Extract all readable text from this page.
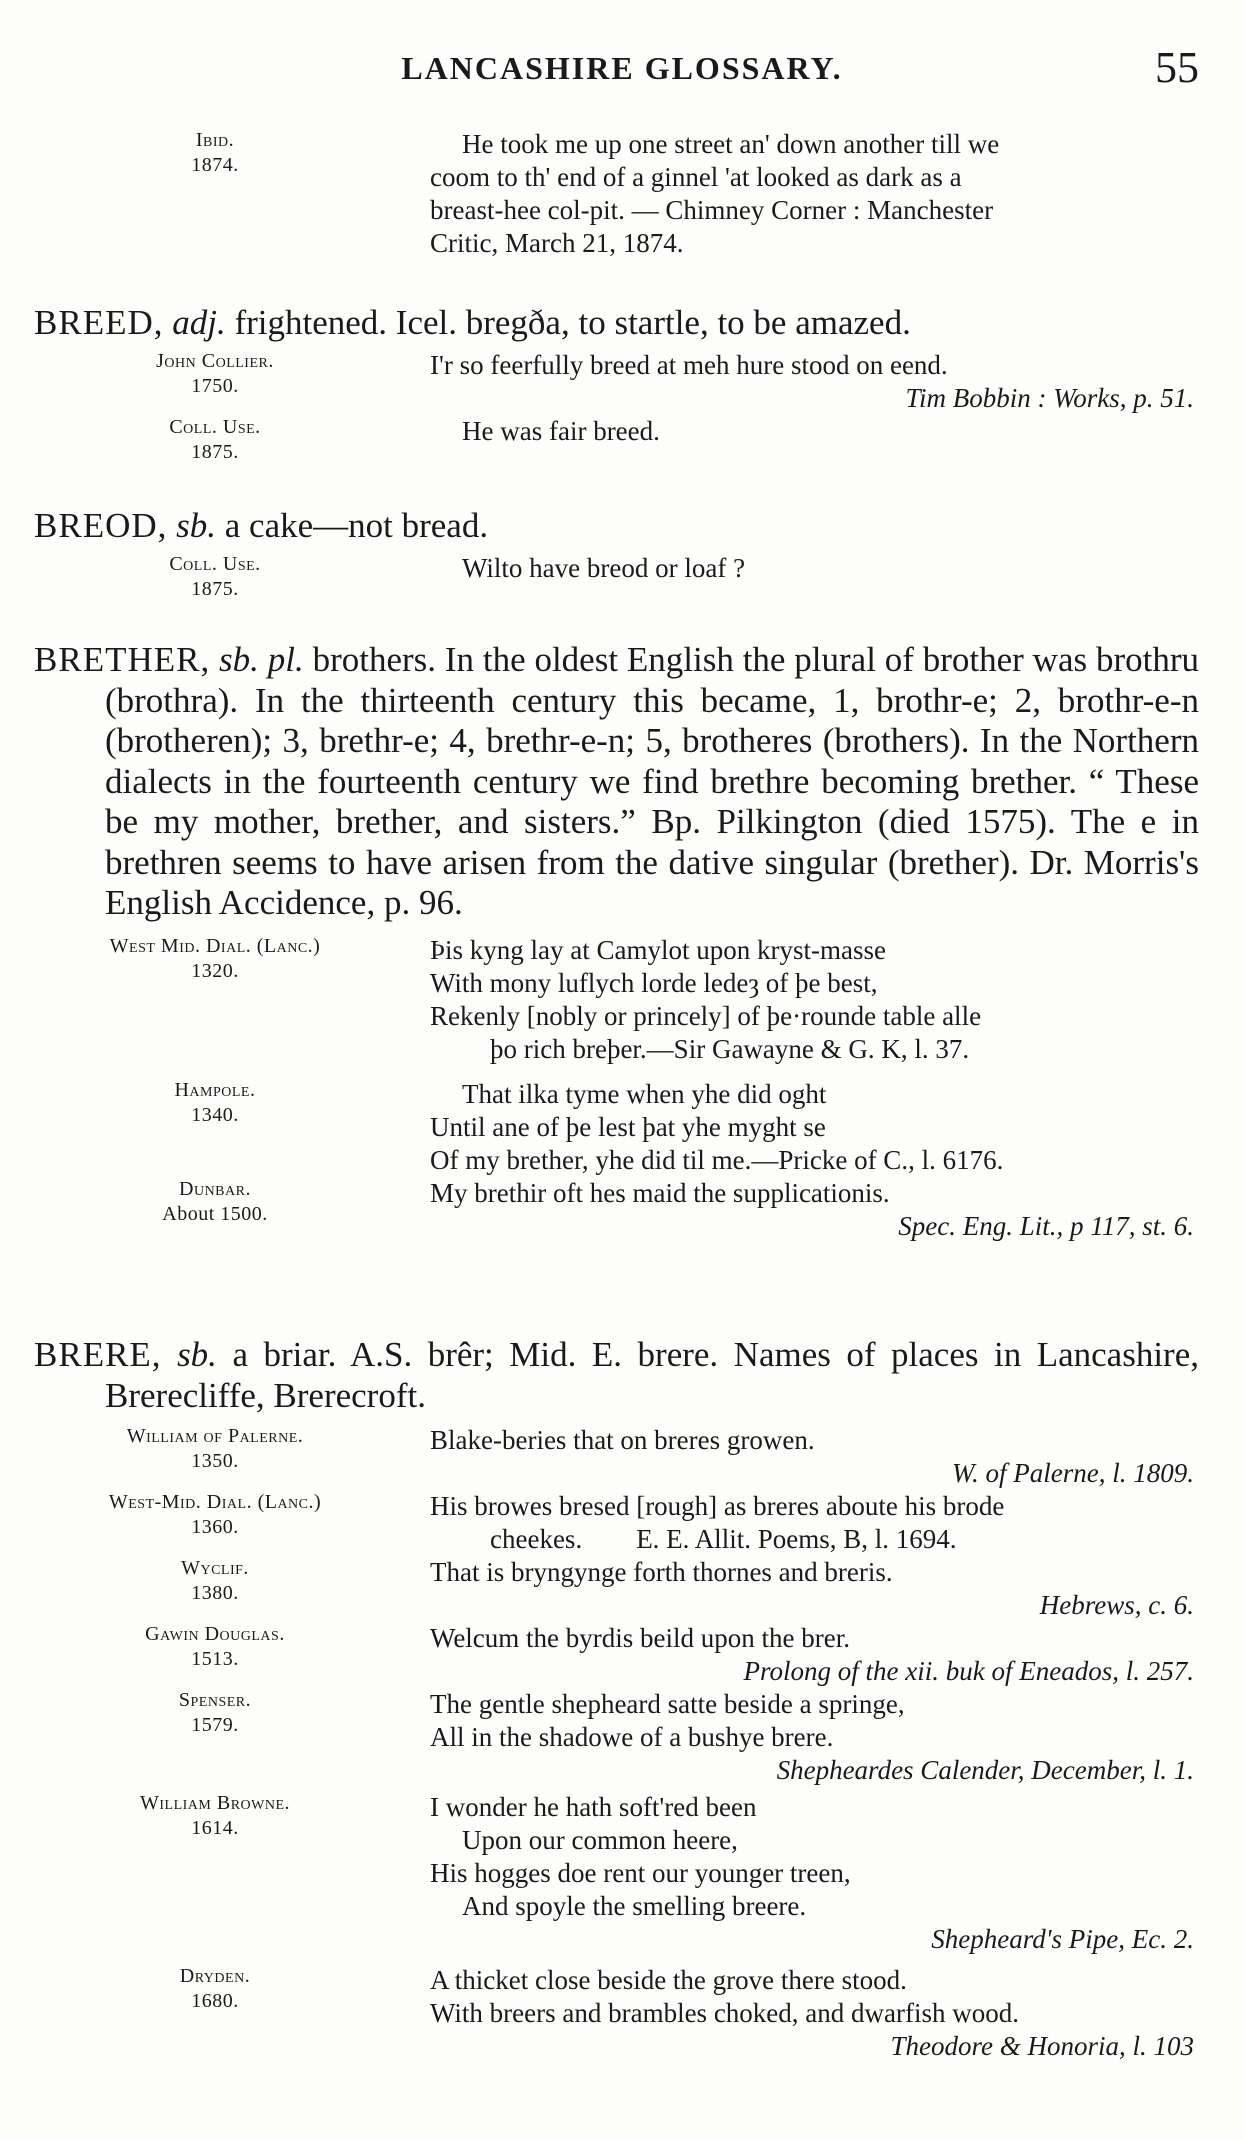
LANCASHIRE GLOSSARY.	55
Ibid.
1874.
He took me up one street an' down another till we
coom to th' end of a ginnel 'at looked as dark as a
breast-hee col-pit. — Chimney Corner : Manchester
Critic, March 21, 1874.
BREED, adj. frightened. Icel. bregða, to startle, to be amazed.
John Collier.
1750.
I'r so feerfully breed at meh hure stood on eend.
Tim Bobbin : Works, p. 51.
Coll. Use.
1875.
He was fair breed.
BREOD, sb. a cake—not bread.
Coll. Use.
1875.
Wilto have breod or loaf ?
BRETHER, sb. pl. brothers. In the oldest English the plural of brother was brothru (brothra). In the thirteenth century this became, 1, brothr-e; 2, brothr-e-n (brotheren); 3, brethr-e; 4, brethr-e-n; 5, brotheres (brothers). In the Northern dialects in the fourteenth century we find brethre becoming brether. “ These be my mother, brether, and sisters.” Bp. Pilkington (died 1575). The e in brethren seems to have arisen from the dative singular (brether). Dr. Morris's English Accidence, p. 96.
West Mid. Dial. (Lanc.)
1320.
Þis kyng lay at Camylot upon kryst-masse
With mony luflych lorde ledeȝ of þe best,
Rekenly [nobly or princely] of þe·rounde table alle
þo rich breþer.—Sir Gawayne & G. K, l. 37.
Hampole.
1340.
That ilka tyme when yhe did oght
Until ane of þe lest þat yhe myght se
Of my brether, yhe did til me.—Pricke of C., l. 6176.
Dunbar.
About 1500.
My brethir oft hes maid the supplicationis.
Spec. Eng. Lit., p 117, st. 6.
BRERE, sb. a briar. A.S. brêr; Mid. E. brere. Names of places in Lancashire, Brerecliffe, Brerecroft.
William of Palerne.
1350.
Blake-beries that on breres growen.
W. of Palerne, l. 1809.
West-Mid. Dial. (Lanc.)
1360.
His browes bresed [rough] as breres aboute his brode
cheekes.        E. E. Allit. Poems, B, l. 1694.
Wyclif.
1380.
That is bryngynge forth thornes and breris.
Hebrews, c. 6.
Gawin Douglas.
1513.
Welcum the byrdis beild upon the brer.
Prolong of the xii. buk of Eneados, l. 257.
Spenser.
1579.
The gentle shepheard satte beside a springe,
All in the shadowe of a bushye brere.
Shepheardes Calender, December, l. 1.
William Browne.
1614.
I wonder he hath soft'red been
Upon our common heere,
His hogges doe rent our younger treen,
And spoyle the smelling breere.
Shepheard's Pipe, Ec. 2.
Dryden.
1680.
A thicket close beside the grove there stood.
With breers and brambles choked, and dwarfish wood.
Theodore & Honoria, l. 103
